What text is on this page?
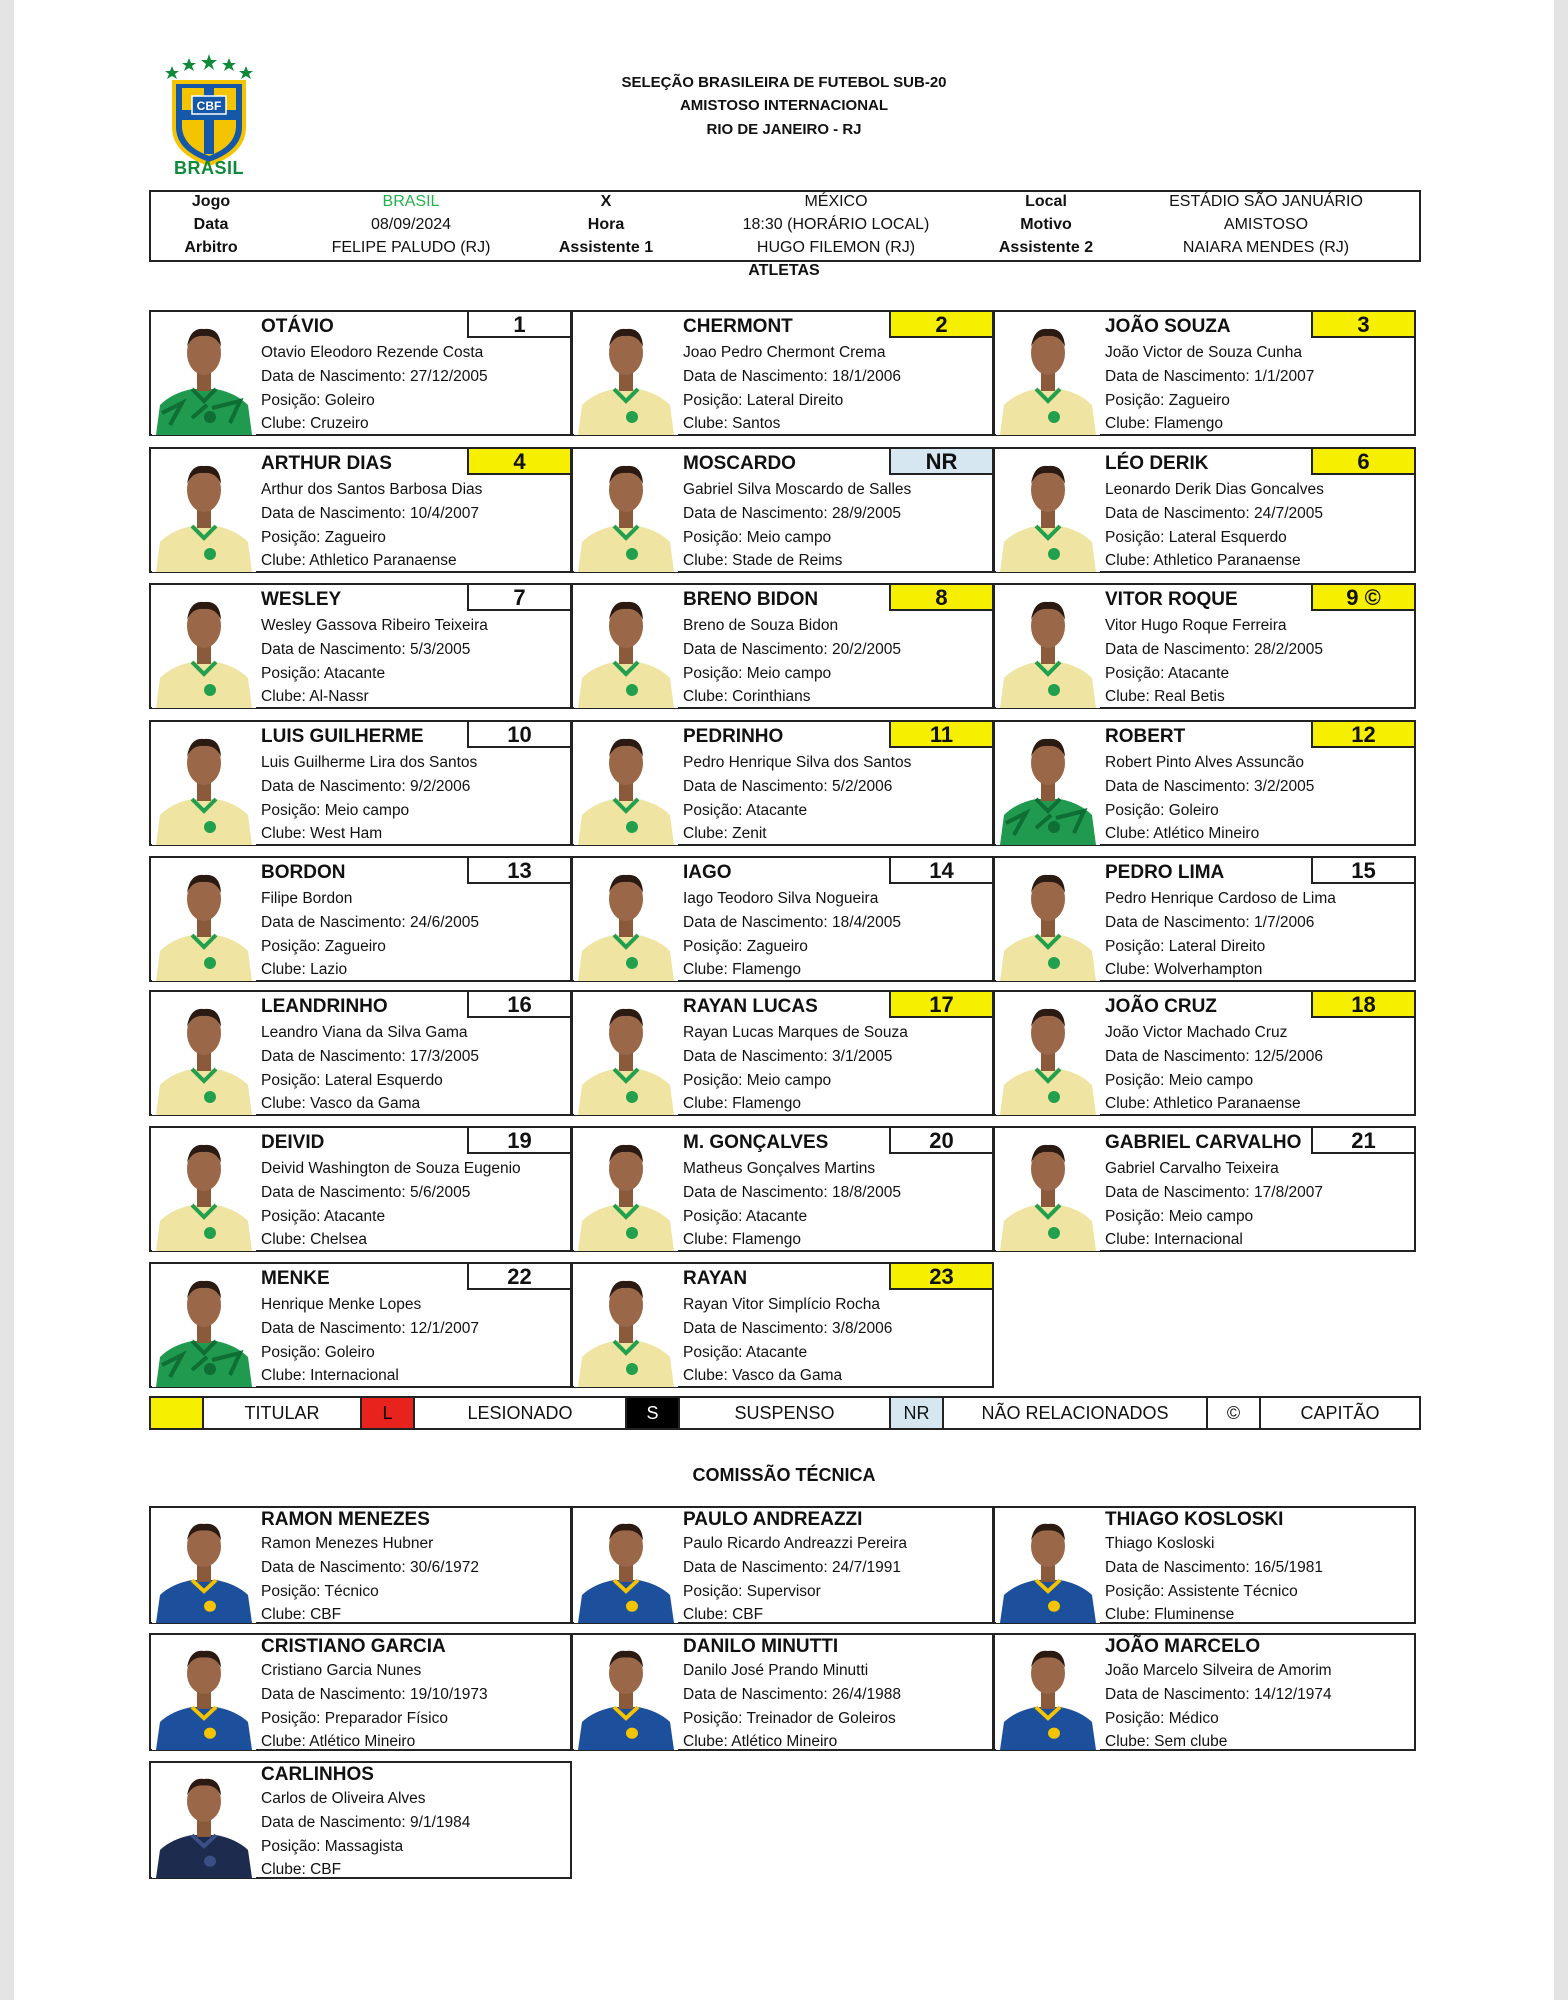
CBF
BRASIL
SELEÇÃO BRASILEIRA DE FUTEBOL SUB-20
AMISTOSO INTERNACIONAL
RIO DE JANEIRO - RJ
Jogo	BRASIL	X	MÉXICO	Local	ESTÁDIO SÃO JANUÁRIO
Data	08/09/2024	Hora	18:30 (HORÁRIO LOCAL)	Motivo	AMISTOSO
Arbitro	FELIPE PALUDO (RJ)	Assistente 1	HUGO FILEMON (RJ)	Assistente 2	NAIARA MENDES (RJ)
ATLETAS
OTÁVIO	1
Otavio Eleodoro Rezende Costa
Data de Nascimento: 27/12/2005
Posição: Goleiro
Clube: Cruzeiro
CHERMONT	2
Joao Pedro Chermont Crema
Data de Nascimento: 18/1/2006
Posição: Lateral Direito
Clube: Santos
JOÃO SOUZA	3
João Victor de Souza Cunha
Data de Nascimento: 1/1/2007
Posição: Zagueiro
Clube: Flamengo
ARTHUR DIAS	4
Arthur dos Santos Barbosa Dias
Data de Nascimento: 10/4/2007
Posição: Zagueiro
Clube: Athletico Paranaense
MOSCARDO	NR
Gabriel Silva Moscardo de Salles
Data de Nascimento: 28/9/2005
Posição: Meio campo
Clube: Stade de Reims
LÉO DERIK	6
Leonardo Derik Dias Goncalves
Data de Nascimento: 24/7/2005
Posição: Lateral Esquerdo
Clube: Athletico Paranaense
WESLEY	7
Wesley Gassova Ribeiro Teixeira
Data de Nascimento: 5/3/2005
Posição: Atacante
Clube: Al-Nassr
BRENO BIDON	8
Breno de Souza Bidon
Data de Nascimento: 20/2/2005
Posição: Meio campo
Clube: Corinthians
VITOR ROQUE	9 ©
Vitor Hugo Roque Ferreira
Data de Nascimento: 28/2/2005
Posição: Atacante
Clube: Real Betis
LUIS GUILHERME	10
Luis Guilherme Lira dos Santos
Data de Nascimento: 9/2/2006
Posição: Meio campo
Clube: West Ham
PEDRINHO	11
Pedro Henrique Silva dos Santos
Data de Nascimento: 5/2/2006
Posição: Atacante
Clube: Zenit
ROBERT	12
Robert Pinto Alves Assuncão
Data de Nascimento: 3/2/2005
Posição: Goleiro
Clube: Atlético Mineiro
BORDON	13
Filipe Bordon
Data de Nascimento: 24/6/2005
Posição: Zagueiro
Clube: Lazio
IAGO	14
Iago Teodoro Silva Nogueira
Data de Nascimento: 18/4/2005
Posição: Zagueiro
Clube: Flamengo
PEDRO LIMA	15
Pedro Henrique Cardoso de Lima
Data de Nascimento: 1/7/2006
Posição: Lateral Direito
Clube: Wolverhampton
LEANDRINHO	16
Leandro Viana da Silva Gama
Data de Nascimento: 17/3/2005
Posição: Lateral Esquerdo
Clube: Vasco da Gama
RAYAN LUCAS	17
Rayan Lucas Marques de Souza
Data de Nascimento: 3/1/2005
Posição: Meio campo
Clube: Flamengo
JOÃO CRUZ	18
João Victor Machado Cruz
Data de Nascimento: 12/5/2006
Posição: Meio campo
Clube: Athletico Paranaense
DEIVID	19
Deivid Washington de Souza Eugenio
Data de Nascimento: 5/6/2005
Posição: Atacante
Clube: Chelsea
M. GONÇALVES	20
Matheus Gonçalves Martins
Data de Nascimento: 18/8/2005
Posição: Atacante
Clube: Flamengo
GABRIEL CARVALHO	21
Gabriel Carvalho Teixeira
Data de Nascimento: 17/8/2007
Posição: Meio campo
Clube: Internacional
MENKE	22
Henrique Menke Lopes
Data de Nascimento: 12/1/2007
Posição: Goleiro
Clube: Internacional
RAYAN	23
Rayan Vitor Simplício Rocha
Data de Nascimento: 3/8/2006
Posição: Atacante
Clube: Vasco da Gama
TITULAR	L	LESIONADO	S	SUSPENSO	NR	NÃO RELACIONADOS	©	CAPITÃO
COMISSÃO TÉCNICA
RAMON MENEZES
Ramon Menezes Hubner
Data de Nascimento: 30/6/1972
Posição: Técnico
Clube: CBF
PAULO ANDREAZZI
Paulo Ricardo Andreazzi Pereira
Data de Nascimento: 24/7/1991
Posição: Supervisor
Clube: CBF
THIAGO KOSLOSKI
Thiago Kosloski
Data de Nascimento: 16/5/1981
Posição: Assistente Técnico
Clube: Fluminense
CRISTIANO GARCIA
Cristiano Garcia Nunes
Data de Nascimento: 19/10/1973
Posição: Preparador Físico
Clube: Atlético Mineiro
DANILO MINUTTI
Danilo José Prando Minutti
Data de Nascimento: 26/4/1988
Posição: Treinador de Goleiros
Clube: Atlético Mineiro
JOÃO MARCELO
João Marcelo Silveira de Amorim
Data de Nascimento: 14/12/1974
Posição: Médico
Clube: Sem clube
CARLINHOS
Carlos de Oliveira Alves
Data de Nascimento: 9/1/1984
Posição: Massagista
Clube: CBF
